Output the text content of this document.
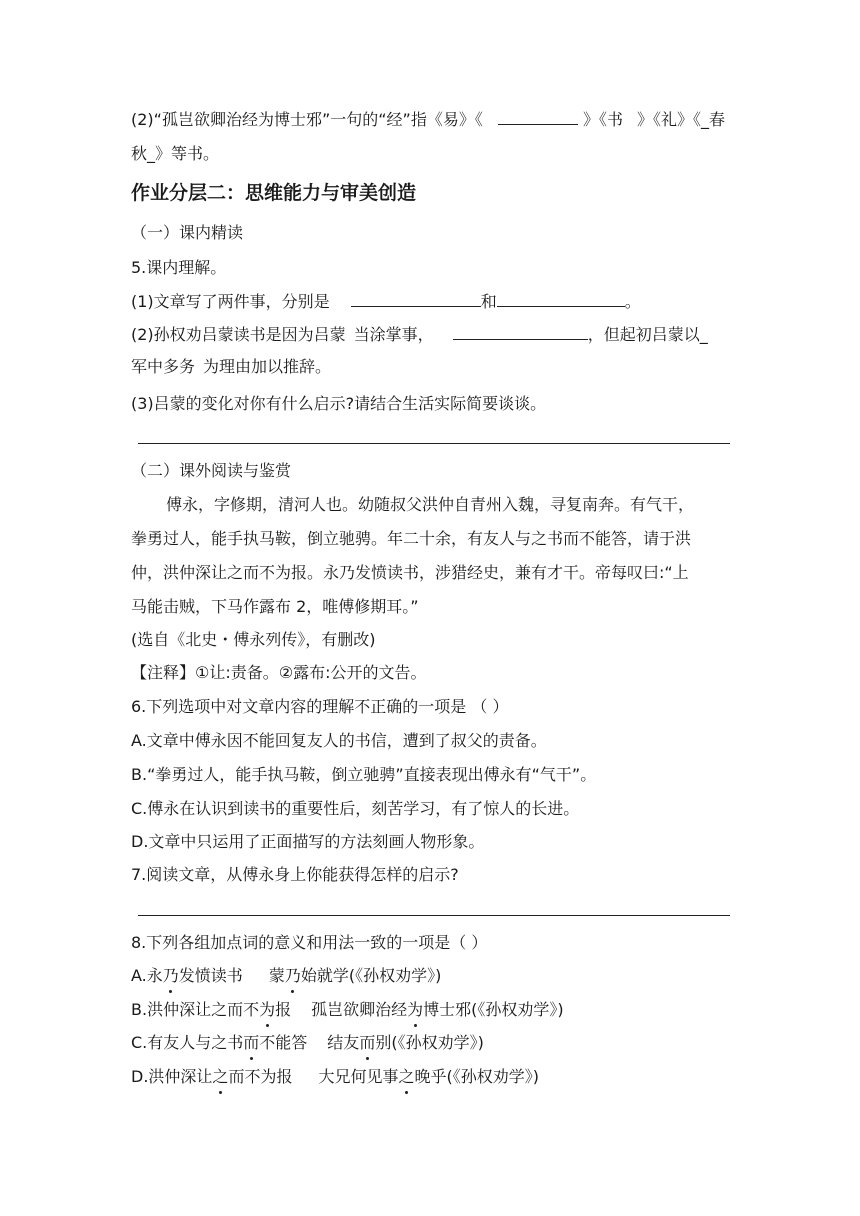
(2)“孤岂欲卿治经为博士邪”一句的“经”指《易》《	》《书 》《礼》《_春
秋_》等书。
作业分层二：思维能力与审美创造
（一）课内精读
5.课内理解。
(1)文章写了两件事，分别是	和	。
(2)孙权劝吕蒙读书是因为吕蒙 当涂掌事，	，但起初吕蒙以_
军中多务 为理由加以推辞。
(3)吕蒙的变化对你有什么启示?请结合生活实际简要谈谈。
（二）课外阅读与鉴赏
傅永，字修期，清河人也。幼随叔父洪仲自青州入魏，寻复南奔。有气干，
拳勇过人，能手执马鞍，倒立驰骋。年二十余，有友人与之书而不能答，请于洪
仲，洪仲深让之而不为报。永乃发愤读书，涉猎经史，兼有才干。帝每叹曰:“上
马能击贼，下马作露布 2，唯傅修期耳。”
(选自《北史・傅永列传》，有删改)
【注释】①让:责备。②露布:公开的文告。
6.下列选项中对文章内容的理解不正确的一项是 （ ）
A.文章中傅永因不能回复友人的书信，遭到了叔父的责备。
B.“拳勇过人，能手执马鞍，倒立驰骋”直接表现出傅永有“气干”。
C.傅永在认识到读书的重要性后，刻苦学习，有了惊人的长进。
D.文章中只运用了正面描写的方法刻画人物形象。
7.阅读文章，从傅永身上你能获得怎样的启示?
8.下列各组加点词的意义和用法一致的一项是（ ）
A.永乃发愤读书 蒙乃始就学(《孙权劝学》)
B.洪仲深让之而不为报 孤岂欲卿治经为博士邪(《孙权劝学》)
C.有友人与之书而不能答 结友而别(《孙权劝学》)
D.洪仲深让之而不为报 大兄何见事之晚乎(《孙权劝学》)
